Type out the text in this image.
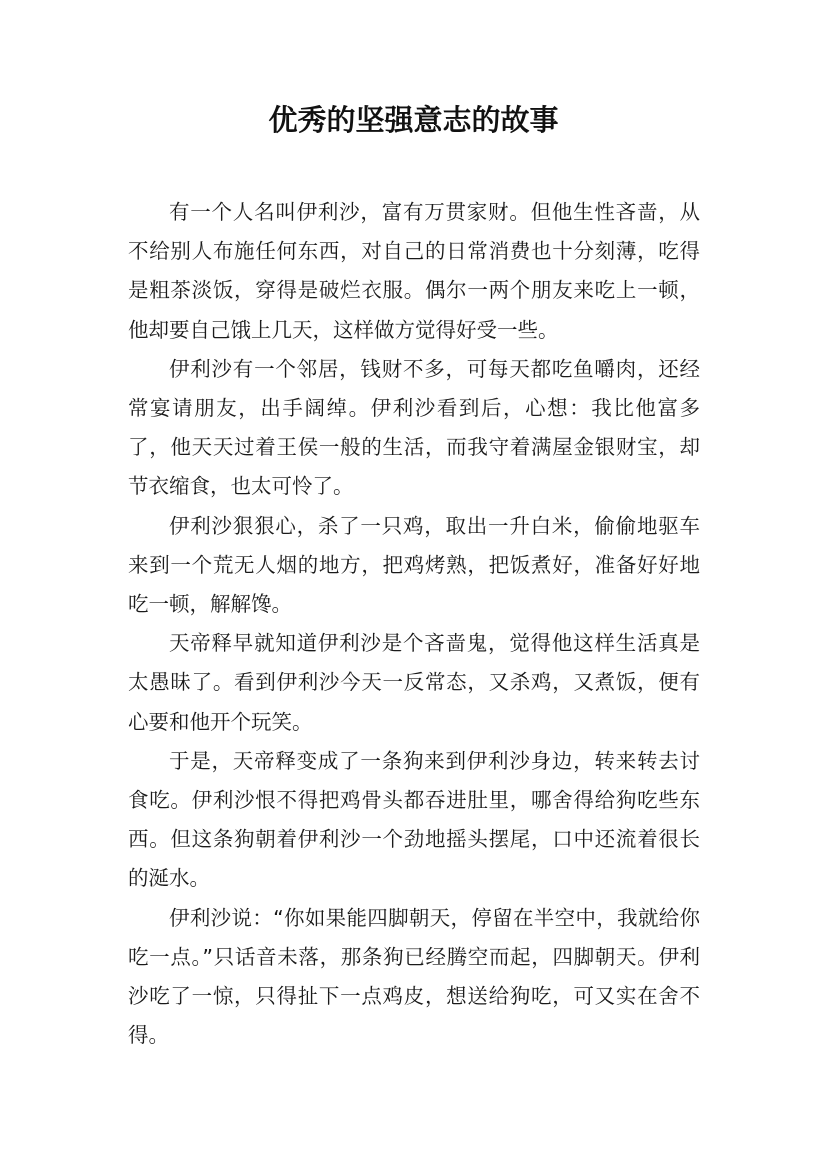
优秀的坚强意志的故事

有一个人名叫伊利沙，富有万贯家财。但他生性吝啬，从不给别人布施任何东西，对自己的日常消费也十分刻薄，吃得是粗茶淡饭，穿得是破烂衣服。偶尔一两个朋友来吃上一顿，他却要自己饿上几天，这样做方觉得好受一些。

伊利沙有一个邻居，钱财不多，可每天都吃鱼嚼肉，还经常宴请朋友，出手阔绰。伊利沙看到后，心想：我比他富多了，他天天过着王侯一般的生活，而我守着满屋金银财宝，却节衣缩食，也太可怜了。

伊利沙狠狠心，杀了一只鸡，取出一升白米，偷偷地驱车来到一个荒无人烟的地方，把鸡烤熟，把饭煮好，准备好好地吃一顿，解解馋。

天帝释早就知道伊利沙是个吝啬鬼，觉得他这样生活真是太愚昧了。看到伊利沙今天一反常态，又杀鸡，又煮饭，便有心要和他开个玩笑。

于是，天帝释变成了一条狗来到伊利沙身边，转来转去讨食吃。伊利沙恨不得把鸡骨头都吞进肚里，哪舍得给狗吃些东西。但这条狗朝着伊利沙一个劲地摇头摆尾，口中还流着很长的涎水。

伊利沙说：“你如果能四脚朝天，停留在半空中，我就给你吃一点。”只话音未落，那条狗已经腾空而起，四脚朝天。伊利沙吃了一惊，只得扯下一点鸡皮，想送给狗吃，可又实在舍不得。
